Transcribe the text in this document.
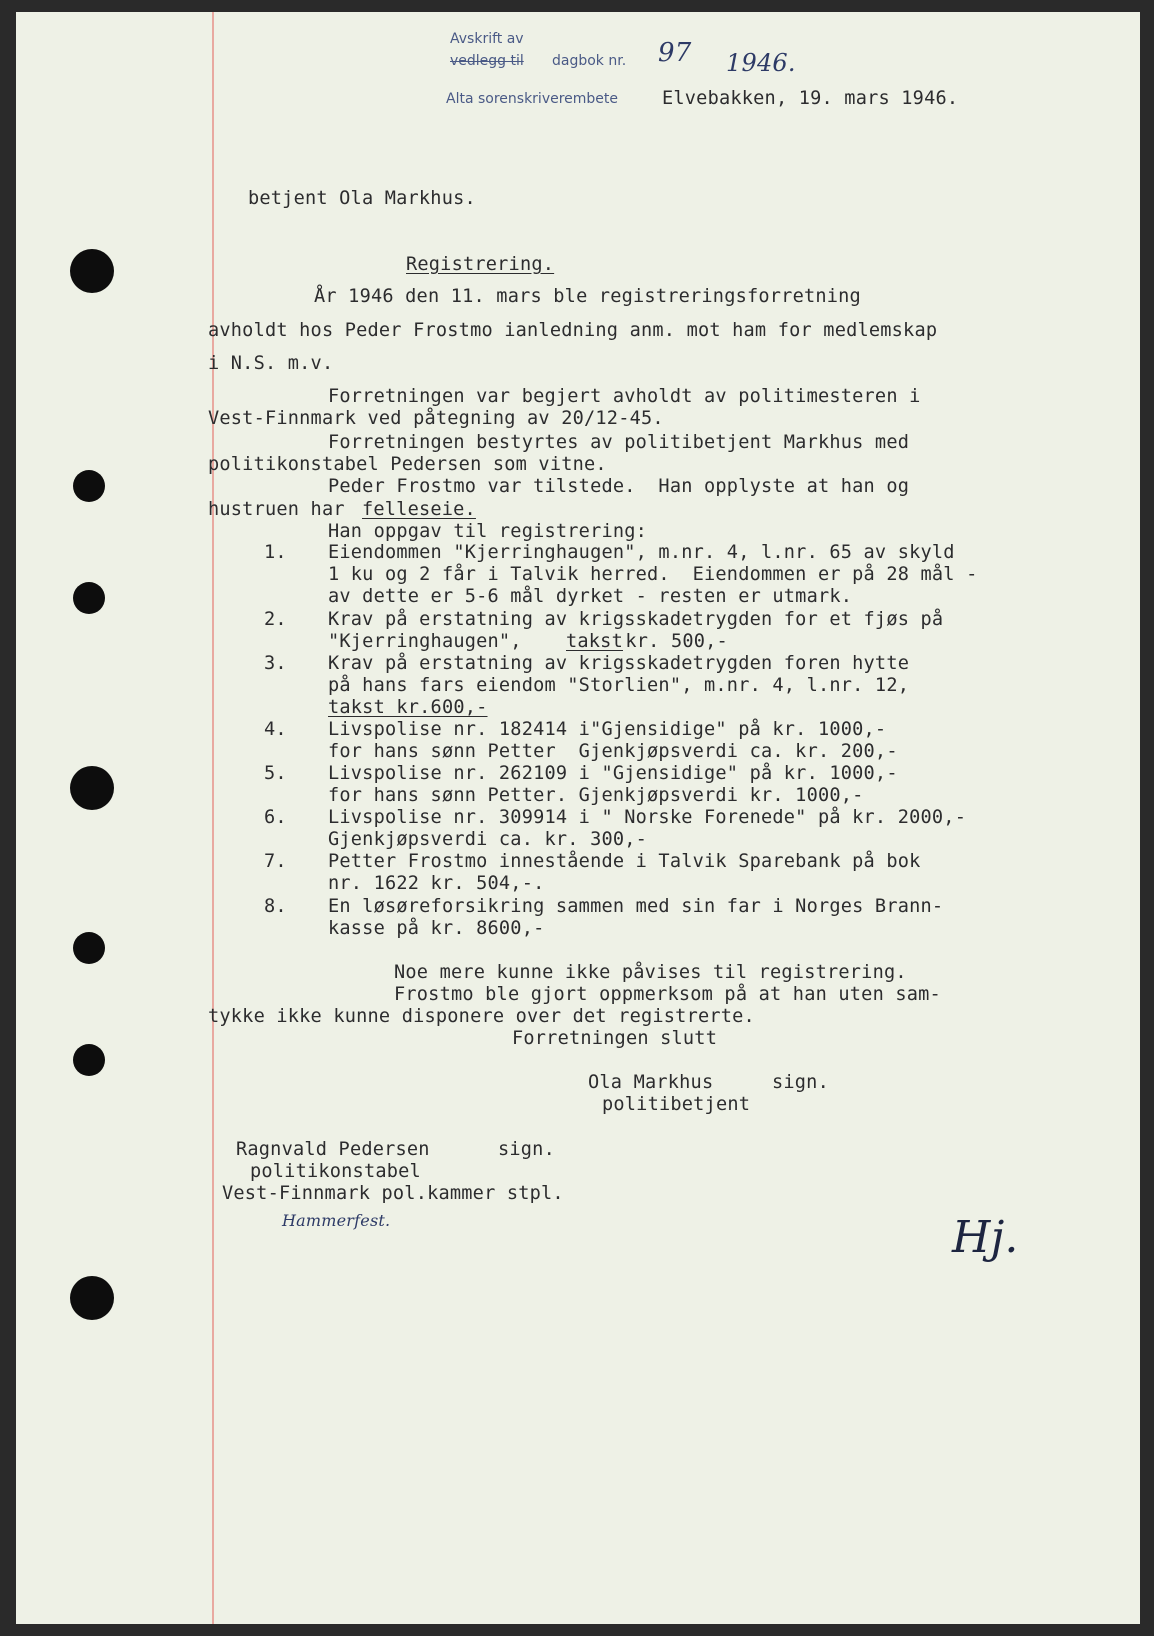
Avskrift av
vedlegg til dagbok nr. 97 1946.
Alta sorenskriverembete Elvebakken, 19. mars 1946.
betjent Ola Markhus.
Registrering.
År 1946 den 11. mars ble registreringsforretning
avholdt hos Peder Frostmo ianledning anm. mot ham for medlemskap
i N.S. m.v.
Forretningen var begjert avholdt av politimesteren i
Vest-Finnmark ved påtegning av 20/12-45.
Forretningen bestyrtes av politibetjent Markhus med
politikonstabel Pedersen som vitne.
Peder Frostmo var tilstede.  Han opplyste at han og
hustruen har felleseie.
Han oppgav til registrering:
1. Eiendommen "Kjerringhaugen", m.nr. 4, l.nr. 65 av skyld
1 ku og 2 får i Talvik herred.  Eiendommen er på 28 mål -
av dette er 5-6 mål dyrket - resten er utmark.
2. Krav på erstatning av krigsskadetrygden for et fjøs på
"Kjerringhaugen", takst
kr. 500,-
3. Krav på erstatning av krigsskadetrygden foren hytte
på hans fars eiendom "Storlien", m.nr. 4, l.nr. 12,
takst kr.600,-
4. Livspolise nr. 182414 i"Gjensidige" på kr. 1000,-
for hans sønn Petter  Gjenkjøpsverdi ca. kr. 200,-
5. Livspolise nr. 262109 i "Gjensidige" på kr. 1000,-
for hans sønn Petter. Gjenkjøpsverdi kr. 1000,-
6. Livspolise nr. 309914 i " Norske Forenede" på kr. 2000,-
Gjenkjøpsverdi ca. kr. 300,-
7. Petter Frostmo innestående i Talvik Sparebank på bok
nr. 1622 kr. 504,-.
8. En løsøreforsikring sammen med sin far i Norges Brann-
kasse på kr. 8600,-
Noe mere kunne ikke påvises til registrering.
Frostmo ble gjort oppmerksom på at han uten sam-
tykke ikke kunne disponere over det registrerte.
Forretningen slutt
Ola Markhus	sign.
politibetjent
Ragnvald Pedersen	sign.
politikonstabel
Vest-Finnmark pol.kammer stpl.
Hammerfest.	Hj.
